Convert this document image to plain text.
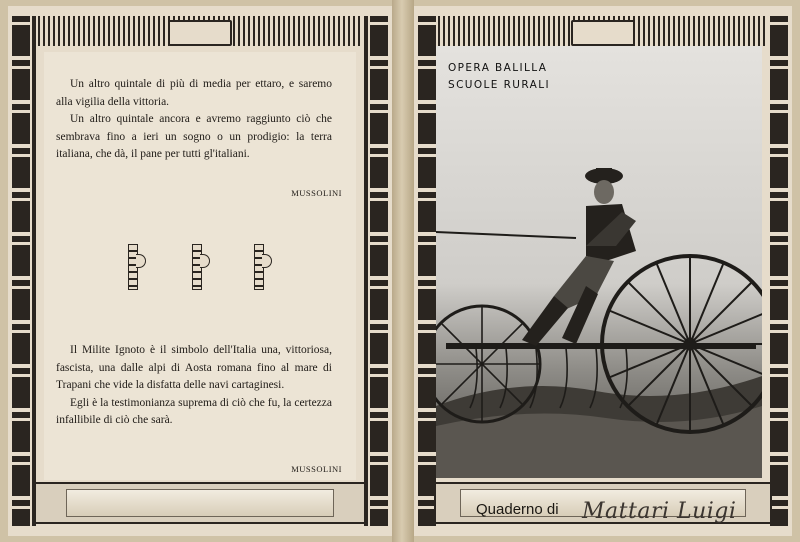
Un altro quintale di più di media per ettaro, e saremo alla vigilia della vittoria.

Un altro quintale ancora e avremo raggiunto ciò che sembrava fino a ieri un sogno o un prodigio: la terra italiana, che dà, il pane per tutti gl'italiani.

MUSSOLINI

Il Milite Ignoto è il simbolo dell'Italia una, vittoriosa, fascista, una dalle alpi di Aosta romana fino al mare di Trapani che vide la disfatta delle navi cartaginesi.

Egli è la testimonianza suprema di ciò che fu, la certezza infallibile di ciò che sarà.

MUSSOLINI
OPERA BALILLA
SCUOLE RURALI
Quaderno di Mattari Luigi
